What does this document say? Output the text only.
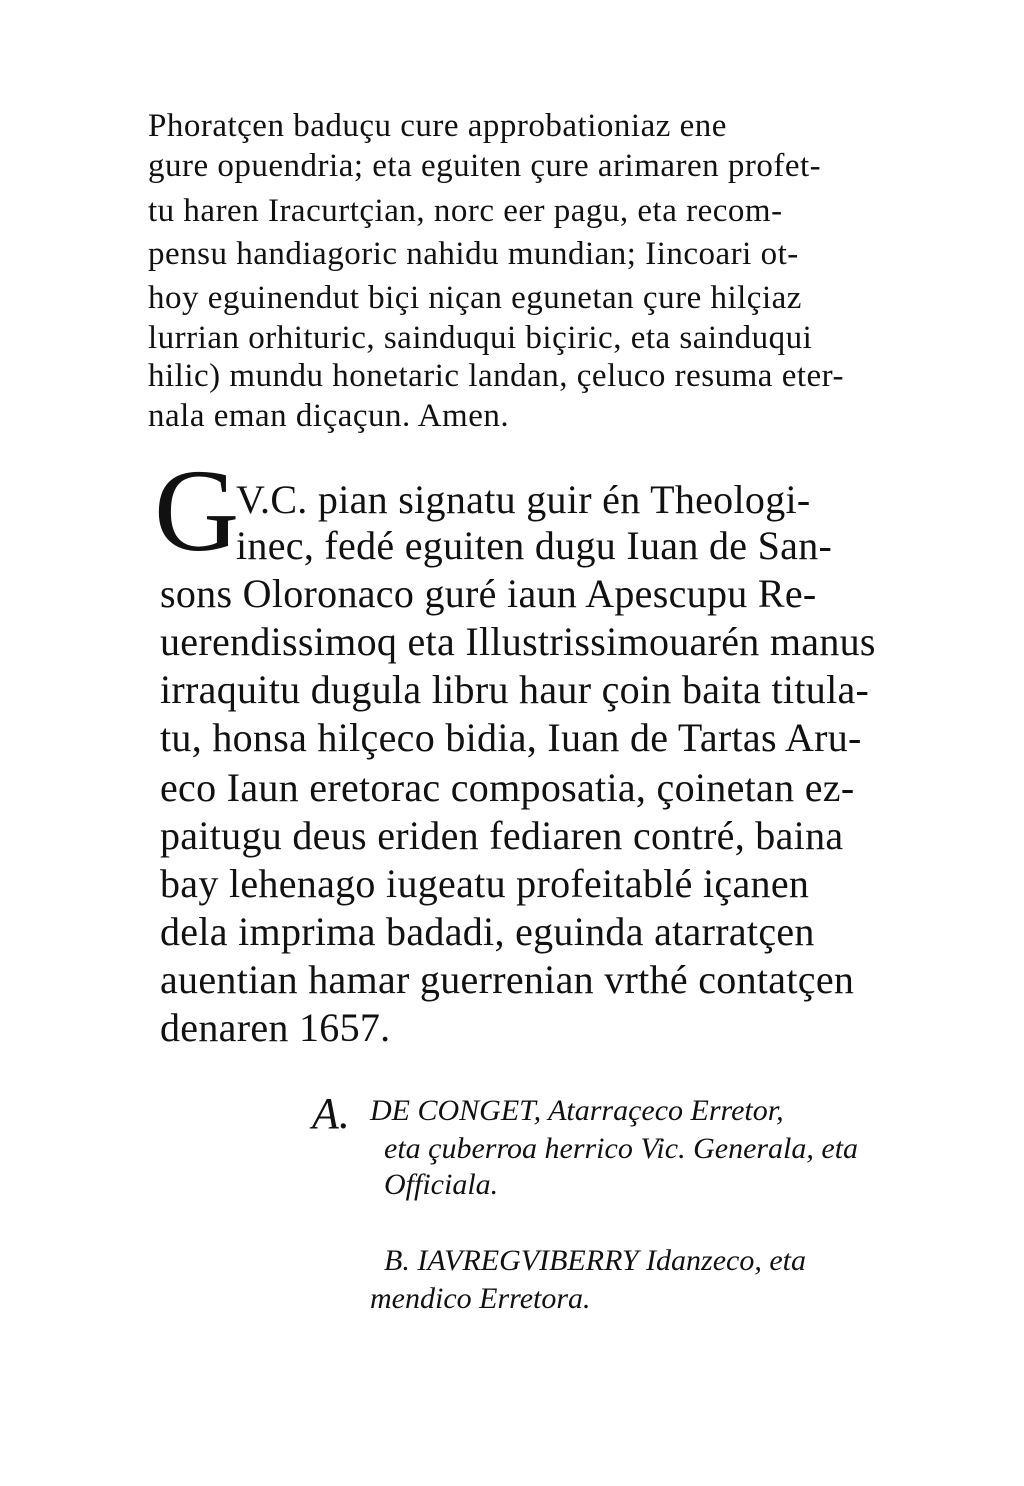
Phoratçen baduçu cure approbationiaz ene
gure opuendria; eta eguiten çure arimaren profet-
tu haren Iracurtçian, norc eer pagu, eta recom-
pensu handiagoric nahidu mundian; Iincoari ot-
hoy eguinendut biçi niçan egunetan çure hilçiaz
lurrian orhituric, sainduqui biçiric, eta sainduqui
hilic) mundu honetaric landan, çeluco resuma eter-
nala eman diçaçun. Amen.
G
V.C. pian signatu guir én Theologi-
inec, fedé eguiten dugu Iuan de San-
sons Oloronaco guré iaun Apescupu Re-
uerendissimoq eta Illustrissimouarén manus
irraquitu dugula libru haur çoin baita titula-
tu, honsa hilçeco bidia, Iuan de Tartas Aru-
eco Iaun eretorac composatia, çoinetan ez-
paitugu deus eriden fediaren contré, baina
bay lehenago iugeatu profeitablé içanen
dela imprima badadi, eguinda atarratçen
auentian hamar guerrenian vrthé contatçen
denaren 1657.
A. DE CONGET, Atarraçeco Erretor,
eta çuberroa herrico Vic. Generala, eta
Officiala.
B. IAVREGVIBERRY Idanzeco, eta
mendico Erretora.
